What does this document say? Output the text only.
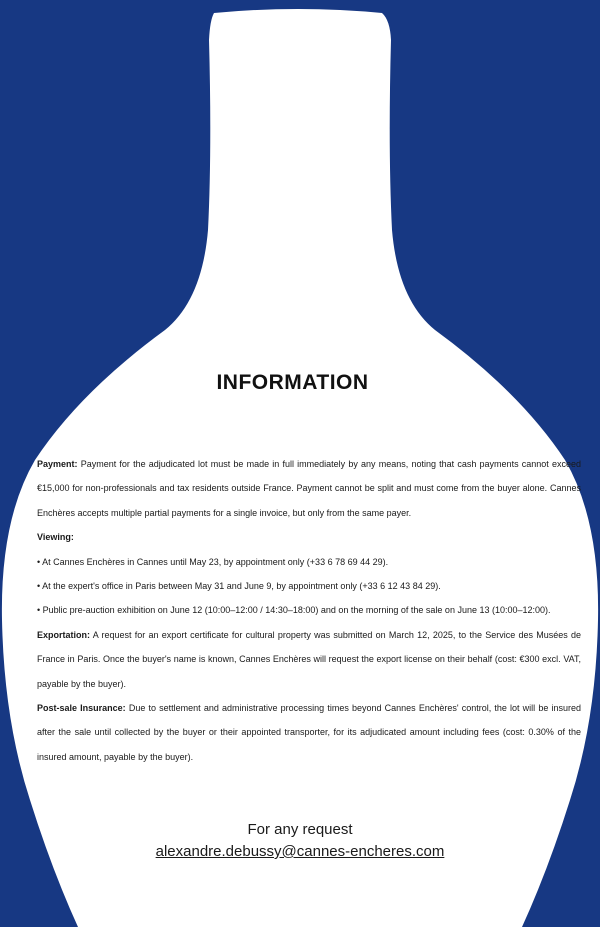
INFORMATION

Payment: Payment for the adjudicated lot must be made in full immediately by any means, noting that cash payments cannot exceed €15,000 for non-professionals and tax residents outside France. Payment cannot be split and must come from the buyer alone. Cannes Enchères accepts multiple partial payments for a single invoice, but only from the same payer.

Viewing:

• At Cannes Enchères in Cannes until May 23, by appointment only (+33 6 78 69 44 29).

• At the expert's office in Paris between May 31 and June 9, by appointment only (+33 6 12 43 84 29).

• Public pre-auction exhibition on June 12 (10:00–12:00 / 14:30–18:00) and on the morning of the sale on June 13 (10:00–12:00).

Exportation: A request for an export certificate for cultural property was submitted on March 12, 2025, to the Service des Musées de France in Paris. Once the buyer's name is known, Cannes Enchères will request the export license on their behalf (cost: €300 excl. VAT, payable by the buyer).

Post-sale Insurance: Due to settlement and administrative processing times beyond Cannes Enchères' control, the lot will be insured after the sale until collected by the buyer or their appointed transporter, for its adjudicated amount including fees (cost: 0.30% of the insured amount, payable by the buyer).

For any request
alexandre.debussy@cannes-encheres.com
